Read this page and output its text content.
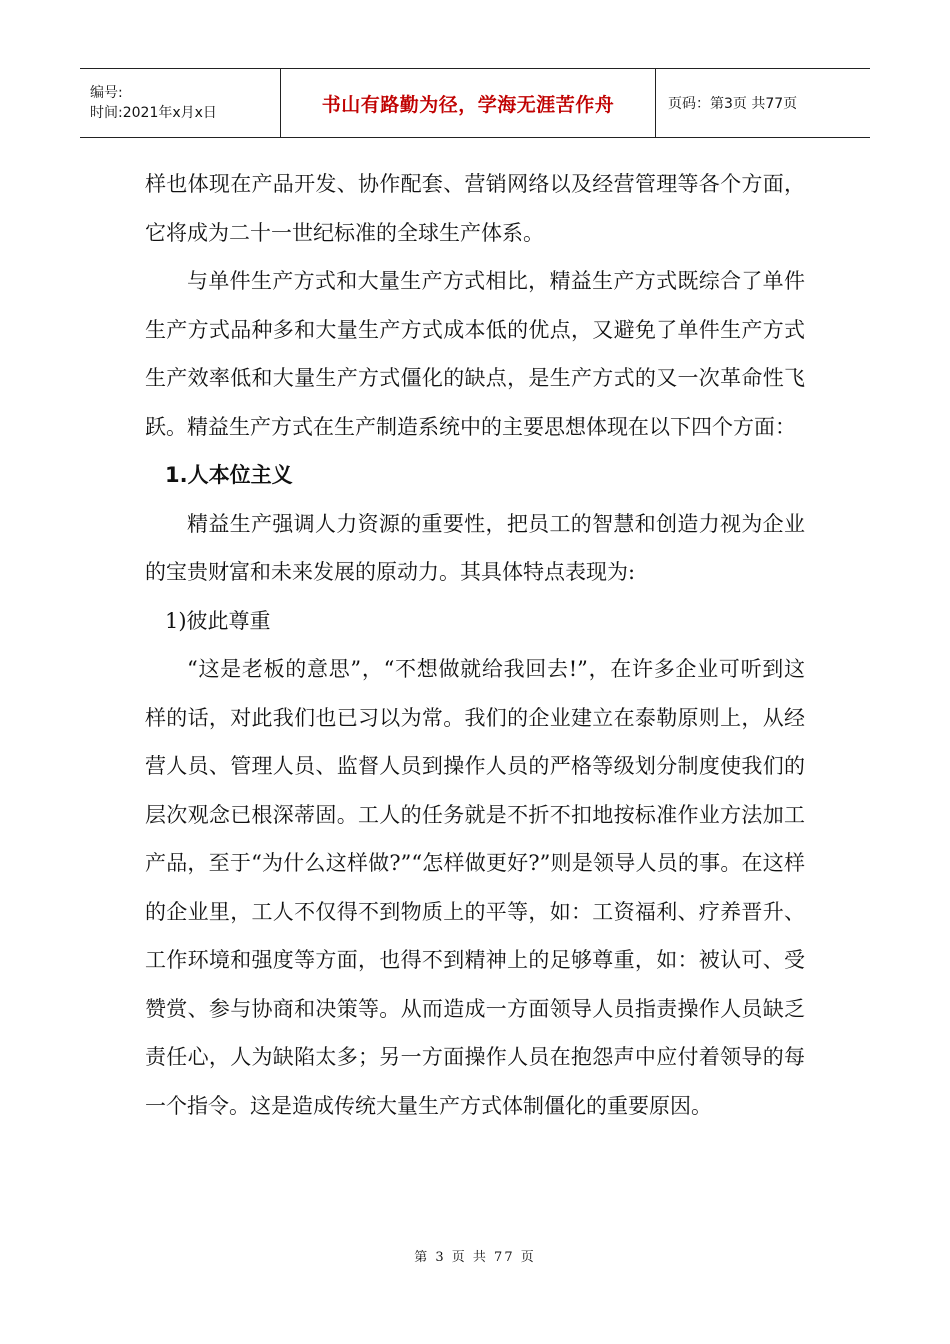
编号:
时间:2021年x月x日	书山有路勤为径，学海无涯苦作舟	页码：第3页 共77页

样也体现在产品开发、协作配套、营销网络以及经营管理等各个方面，它将成为二十一世纪标准的全球生产体系。

与单件生产方式和大量生产方式相比，精益生产方式既综合了单件生产方式品种多和大量生产方式成本低的优点，又避免了单件生产方式生产效率低和大量生产方式僵化的缺点，是生产方式的又一次革命性飞跃。精益生产方式在生产制造系统中的主要思想体现在以下四个方面：

1.人本位主义

精益生产强调人力资源的重要性，把员工的智慧和创造力视为企业的宝贵财富和未来发展的原动力。其具体特点表现为:

1)彼此尊重

“这是老板的意思”，“不想做就给我回去!”，在许多企业可听到这样的话，对此我们也已习以为常。我们的企业建立在泰勒原则上，从经营人员、管理人员、监督人员到操作人员的严格等级划分制度使我们的层次观念已根深蒂固。工人的任务就是不折不扣地按标准作业方法加工产品，至于“为什么这样做?”“怎样做更好?”则是领导人员的事。在这样的企业里，工人不仅得不到物质上的平等，如：工资福利、疗养晋升、工作环境和强度等方面，也得不到精神上的足够尊重，如：被认可、受赞赏、参与协商和决策等。从而造成一方面领导人员指责操作人员缺乏责任心，人为缺陷太多；另一方面操作人员在抱怨声中应付着领导的每一个指令。这是造成传统大量生产方式体制僵化的重要原因。

第 3 页 共 77 页
